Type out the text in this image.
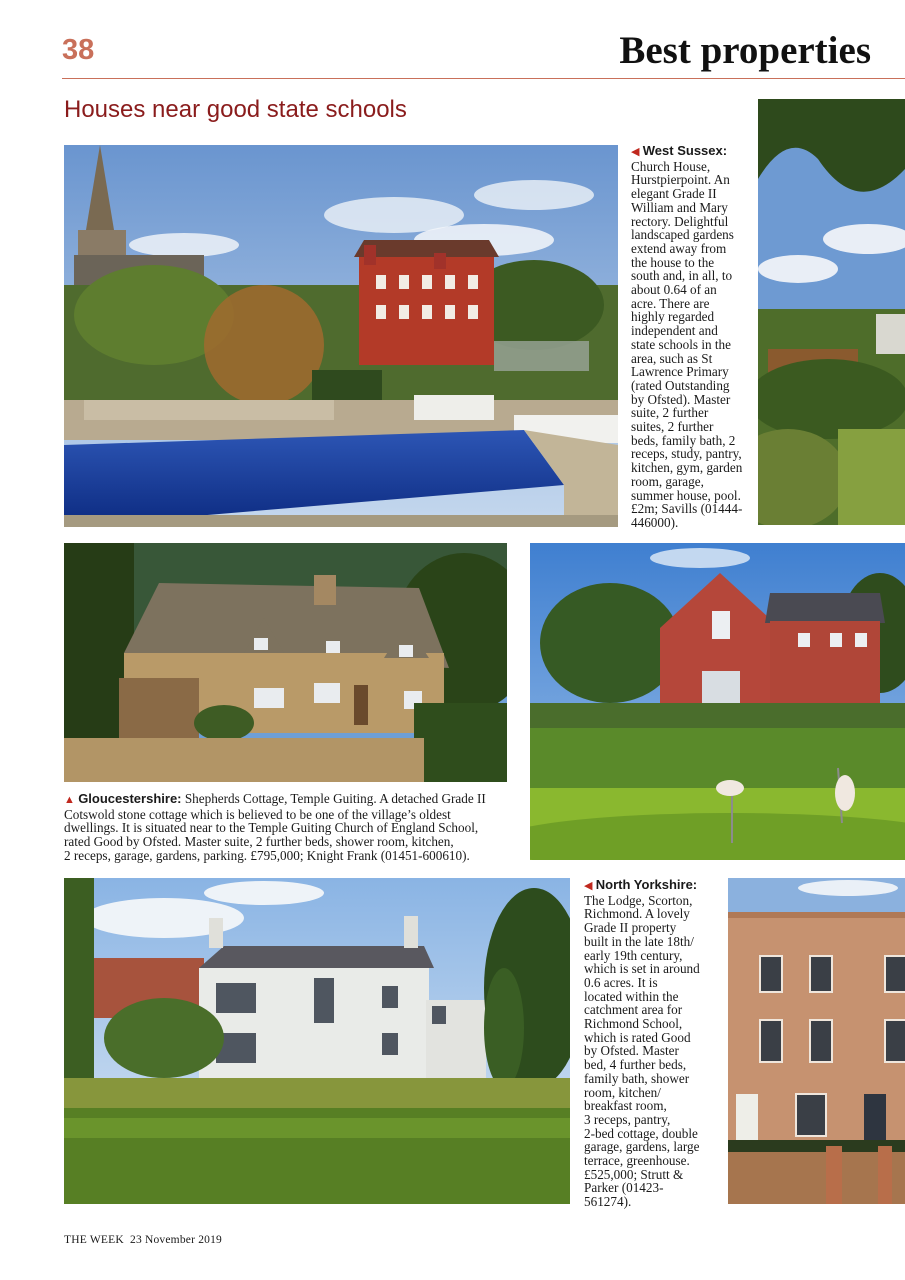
38	Best properties
Houses near good state schools
◀ West Sussex:
Church House,
Hurstpierpoint. An
elegant Grade II
William and Mary
rectory. Delightful
landscaped gardens
extend away from
the house to the
south and, in all, to
about 0.64 of an
acre. There are
highly regarded
independent and
state schools in the
area, such as St
Lawrence Primary
(rated Outstanding
by Ofsted). Master
suite, 2 further
suites, 2 further
beds, family bath, 2
receps, study, pantry,
kitchen, gym, garden
room, garage,
summer house, pool.
£2m; Savills (01444-
446000).
▲ Gloucestershire: Shepherds Cottage, Temple Guiting. A detached Grade II
Cotswold stone cottage which is believed to be one of the village’s oldest
dwellings. It is situated near to the Temple Guiting Church of England School,
rated Good by Ofsted. Master suite, 2 further beds, shower room, kitchen,
2 receps, garage, gardens, parking. £795,000; Knight Frank (01451-600610).
◀ North Yorkshire:
The Lodge, Scorton,
Richmond. A lovely
Grade II property
built in the late 18th/
early 19th century,
which is set in around
0.6 acres. It is
located within the
catchment area for
Richmond School,
which is rated Good
by Ofsted. Master
bed, 4 further beds,
family bath, shower
room, kitchen/
breakfast room,
3 receps, pantry,
2-bed cottage, double
garage, gardens, large
terrace, greenhouse.
£525,000; Strutt &
Parker (01423-
561274).
THE WEEK 23 November 2019
